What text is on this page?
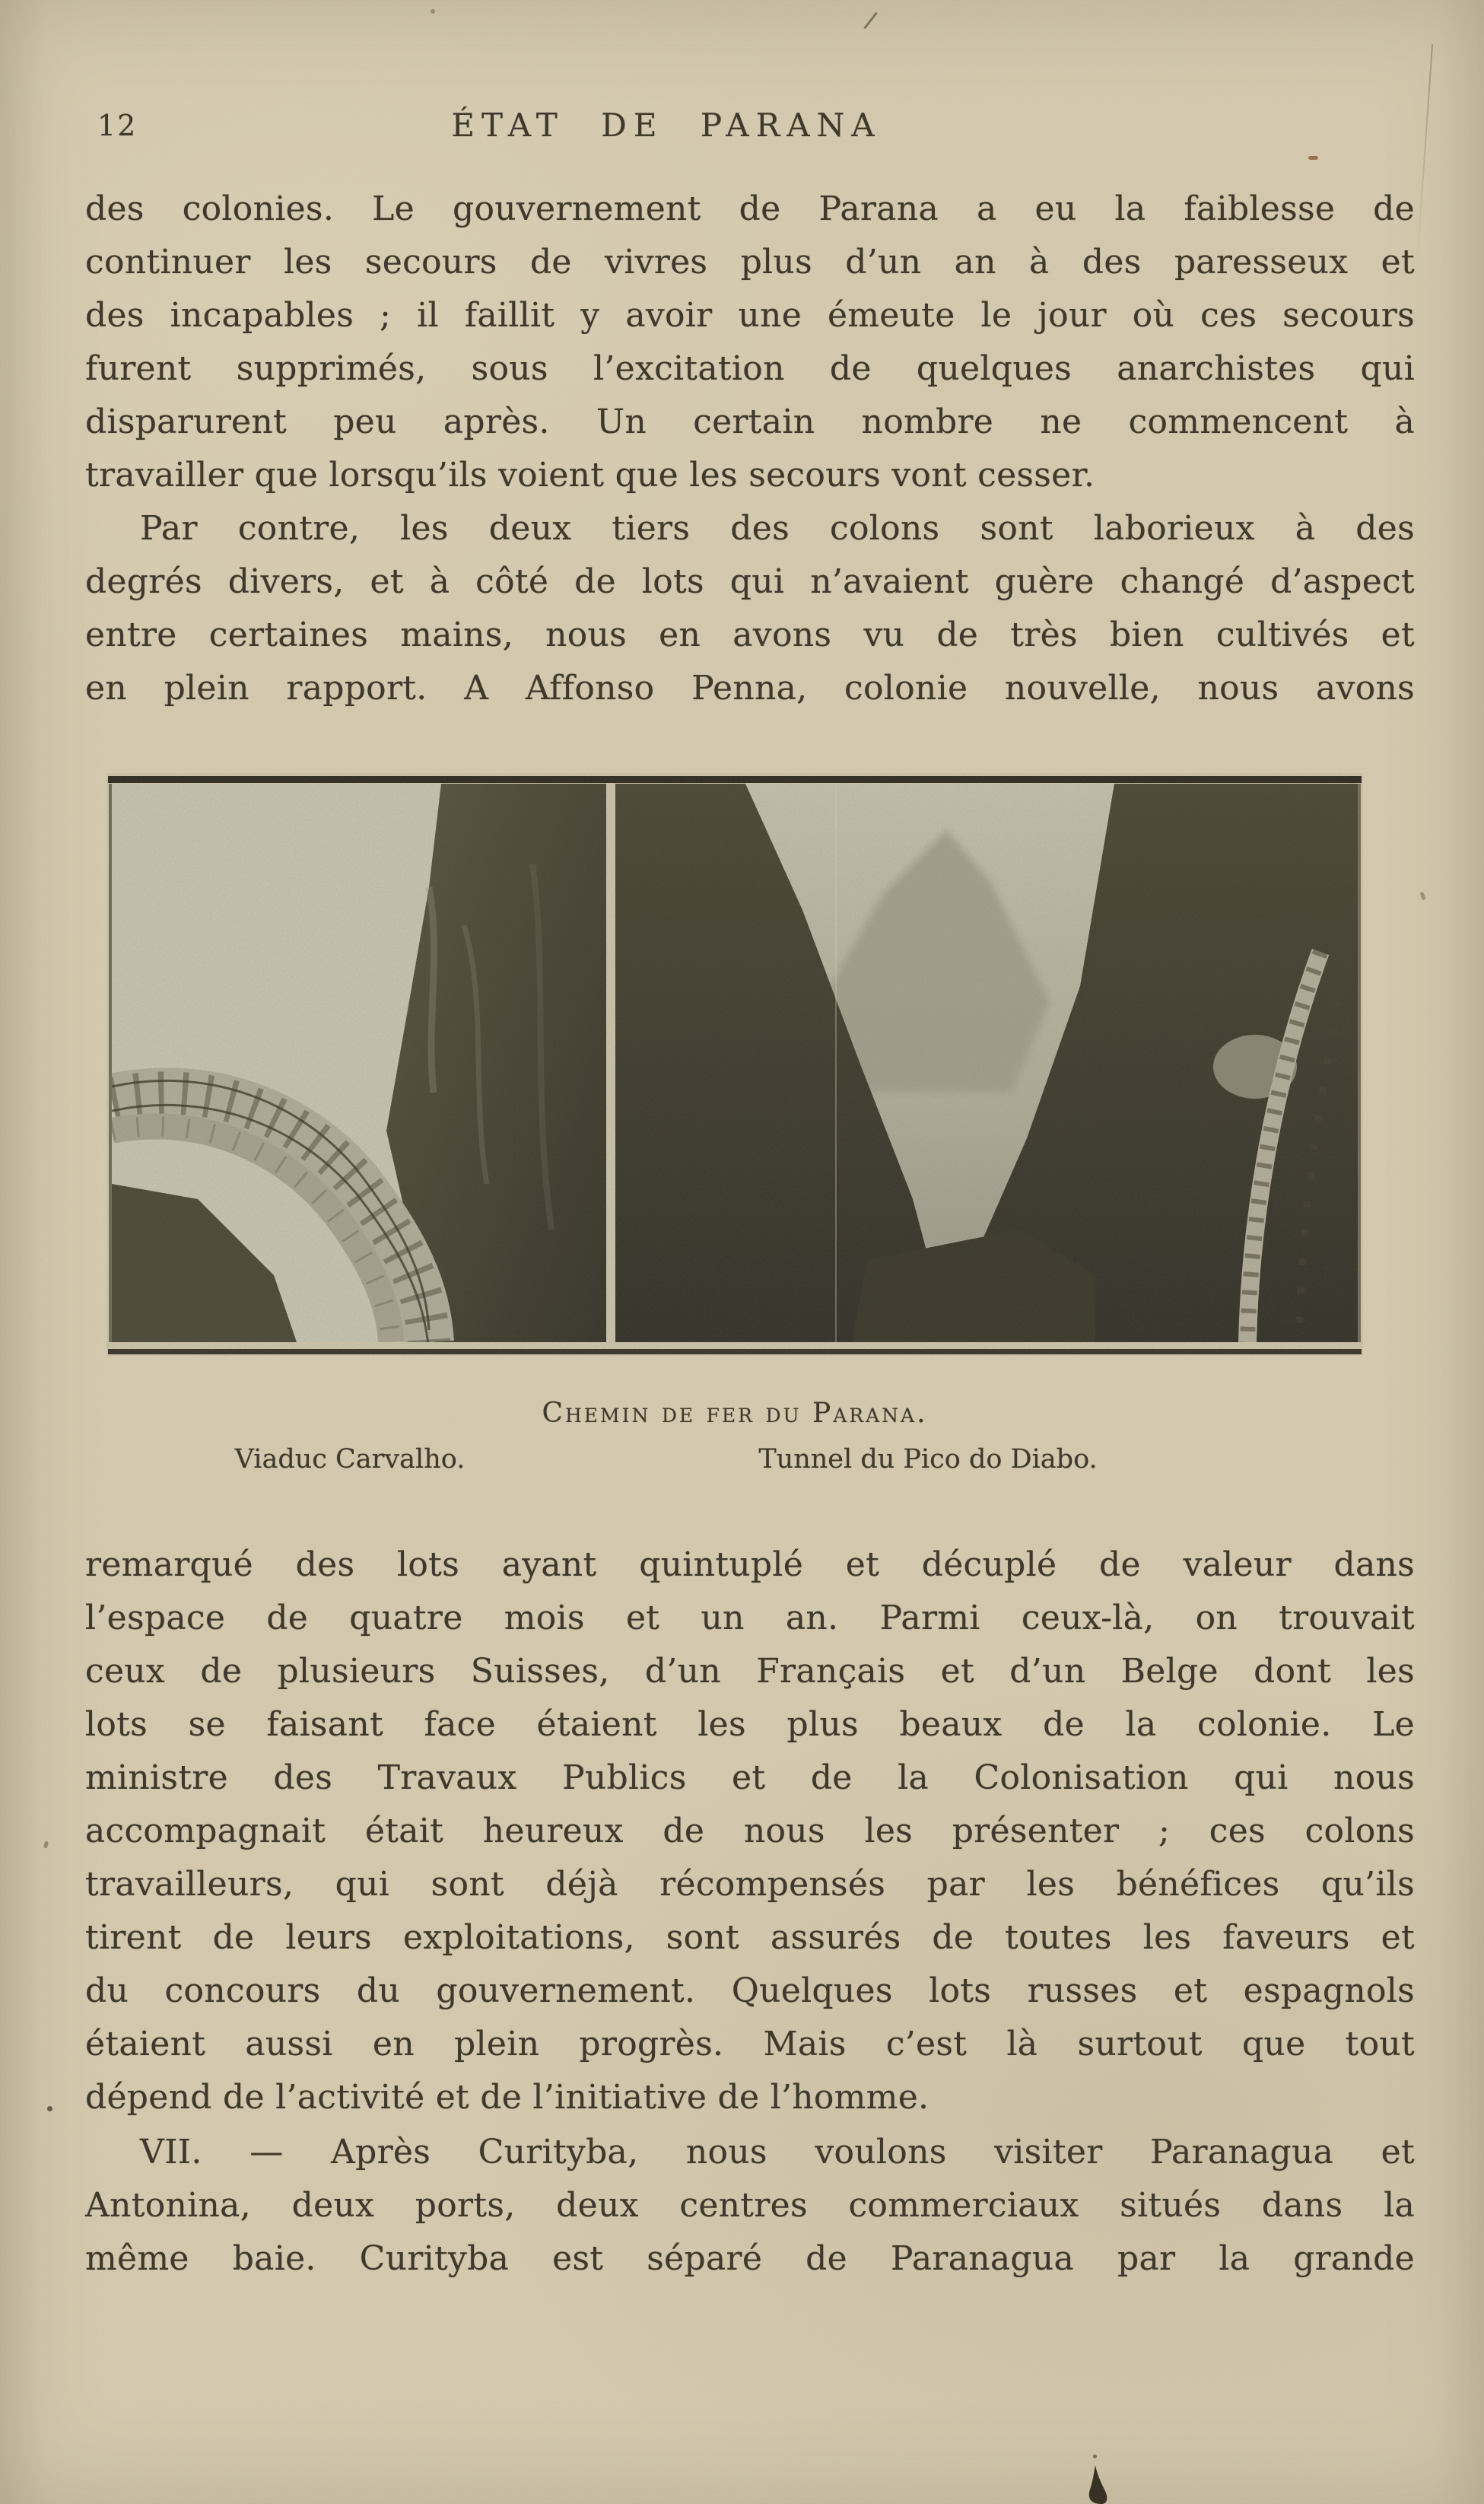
12	ÉTAT DE PARANA
des colonies. Le gouvernement de Parana a eu la faiblesse de
continuer les secours de vivres plus d’un an à des paresseux et
des incapables ; il faillit y avoir une émeute le jour où ces secours
furent supprimés, sous l’excitation de quelques anarchistes qui
disparurent peu après. Un certain nombre ne commencent à
travailler que lorsqu’ils voient que les secours vont cesser.
Par contre, les deux tiers des colons sont laborieux à des
degrés divers, et à côté de lots qui n’avaient guère changé d’aspect
entre certaines mains, nous en avons vu de très bien cultivés et
en plein rapport. A Affonso Penna, colonie nouvelle, nous avons
Chemin de fer du Parana.
Viaduc Carvalho.	Tunnel du Pico do Diabo.
remarqué des lots ayant quintuplé et décuplé de valeur dans
l’espace de quatre mois et un an. Parmi ceux-là, on trouvait
ceux de plusieurs Suisses, d’un Français et d’un Belge dont les
lots se faisant face étaient les plus beaux de la colonie. Le
ministre des Travaux Publics et de la Colonisation qui nous
accompagnait était heureux de nous les présenter ; ces colons
travailleurs, qui sont déjà récompensés par les bénéfices qu’ils
tirent de leurs exploitations, sont assurés de toutes les faveurs et
du concours du gouvernement. Quelques lots russes et espagnols
étaient aussi en plein progrès. Mais c’est là surtout que tout
dépend de l’activité et de l’initiative de l’homme.
VII. — Après Curityba, nous voulons visiter Paranagua et
Antonina, deux ports, deux centres commerciaux situés dans la
même baie. Curityba est séparé de Paranagua par la grande
